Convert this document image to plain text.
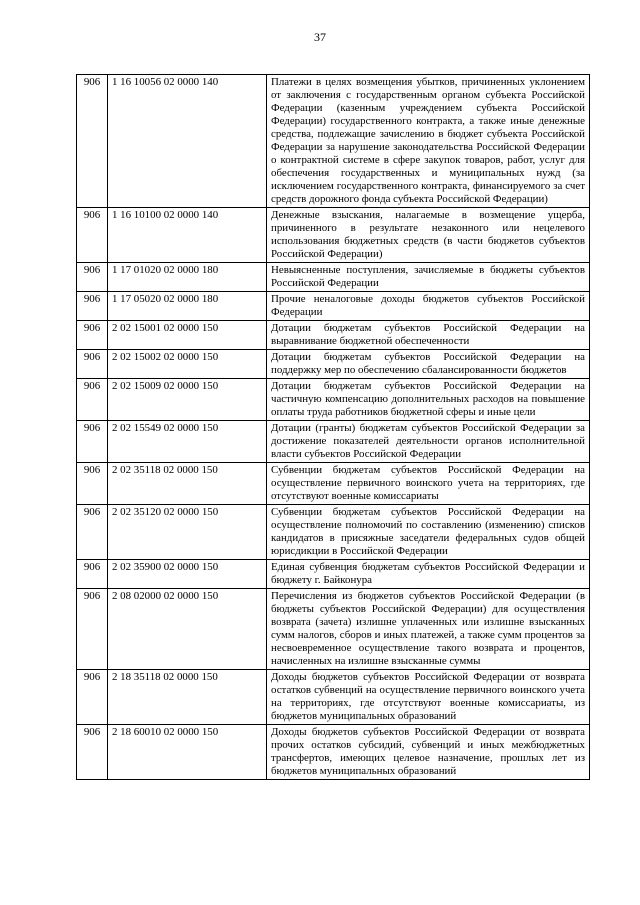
37
906	1 16 10056 02 0000 140	Платежи в целях возмещения убытков, причиненных уклонением от заключения с государственным органом субъекта Российской Федерации (казенным учреждением субъекта Российской Федерации) государственного контракта, а также иные денежные средства, подлежащие зачислению в бюджет субъекта Российской Федерации за нарушение законодательства Российской Федерации о контрактной системе в сфере закупок товаров, работ, услуг для обеспечения государственных и муниципальных нужд (за исключением государственного контракта, финансируемого за счет средств дорожного фонда субъекта Российской Федерации)
906	1 16 10100 02 0000 140	Денежные взыскания, налагаемые в возмещение ущерба, причиненного в результате незаконного или нецелевого использования бюджетных средств (в части бюджетов субъектов Российской Федерации)
906	1 17 01020 02 0000 180	Невыясненные поступления, зачисляемые в бюджеты субъектов Российской Федерации
906	1 17 05020 02 0000 180	Прочие неналоговые доходы бюджетов субъектов Российской Федерации
906	2 02 15001 02 0000 150	Дотации бюджетам субъектов Российской Федерации на выравнивание бюджетной обеспеченности
906	2 02 15002 02 0000 150	Дотации бюджетам субъектов Российской Федерации на поддержку мер по обеспечению сбалансированности бюджетов
906	2 02 15009 02 0000 150	Дотации бюджетам субъектов Российской Федерации на частичную компенсацию дополнительных расходов на повышение оплаты труда работников бюджетной сферы и иные цели
906	2 02 15549 02 0000 150	Дотации (гранты) бюджетам субъектов Российской Федерации за достижение показателей деятельности органов исполнительной власти субъектов Российской Федерации
906	2 02 35118 02 0000 150	Субвенции бюджетам субъектов Российской Федерации на осуществление первичного воинского учета на территориях, где отсутствуют военные комиссариаты
906	2 02 35120 02 0000 150	Субвенции бюджетам субъектов Российской Федерации на осуществление полномочий по составлению (изменению) списков кандидатов в присяжные заседатели федеральных судов общей юрисдикции в Российской Федерации
906	2 02 35900 02 0000 150	Единая субвенция бюджетам субъектов Российской Федерации и бюджету г. Байконура
906	2 08 02000 02 0000 150	Перечисления из бюджетов субъектов Российской Федерации (в бюджеты субъектов Российской Федерации) для осуществления возврата (зачета) излишне уплаченных или излишне взысканных сумм налогов, сборов и иных платежей, а также сумм процентов за несвоевременное осуществление такого возврата и процентов, начисленных на излишне взысканные суммы
906	2 18 35118 02 0000 150	Доходы бюджетов субъектов Российской Федерации от возврата остатков субвенций на осуществление первичного воинского учета на территориях, где отсутствуют военные комиссариаты, из бюджетов муниципальных образований
906	2 18 60010 02 0000 150	Доходы бюджетов субъектов Российской Федерации от возврата прочих остатков субсидий, субвенций и иных межбюджетных трансфертов, имеющих целевое назначение, прошлых лет из бюджетов муниципальных образований
